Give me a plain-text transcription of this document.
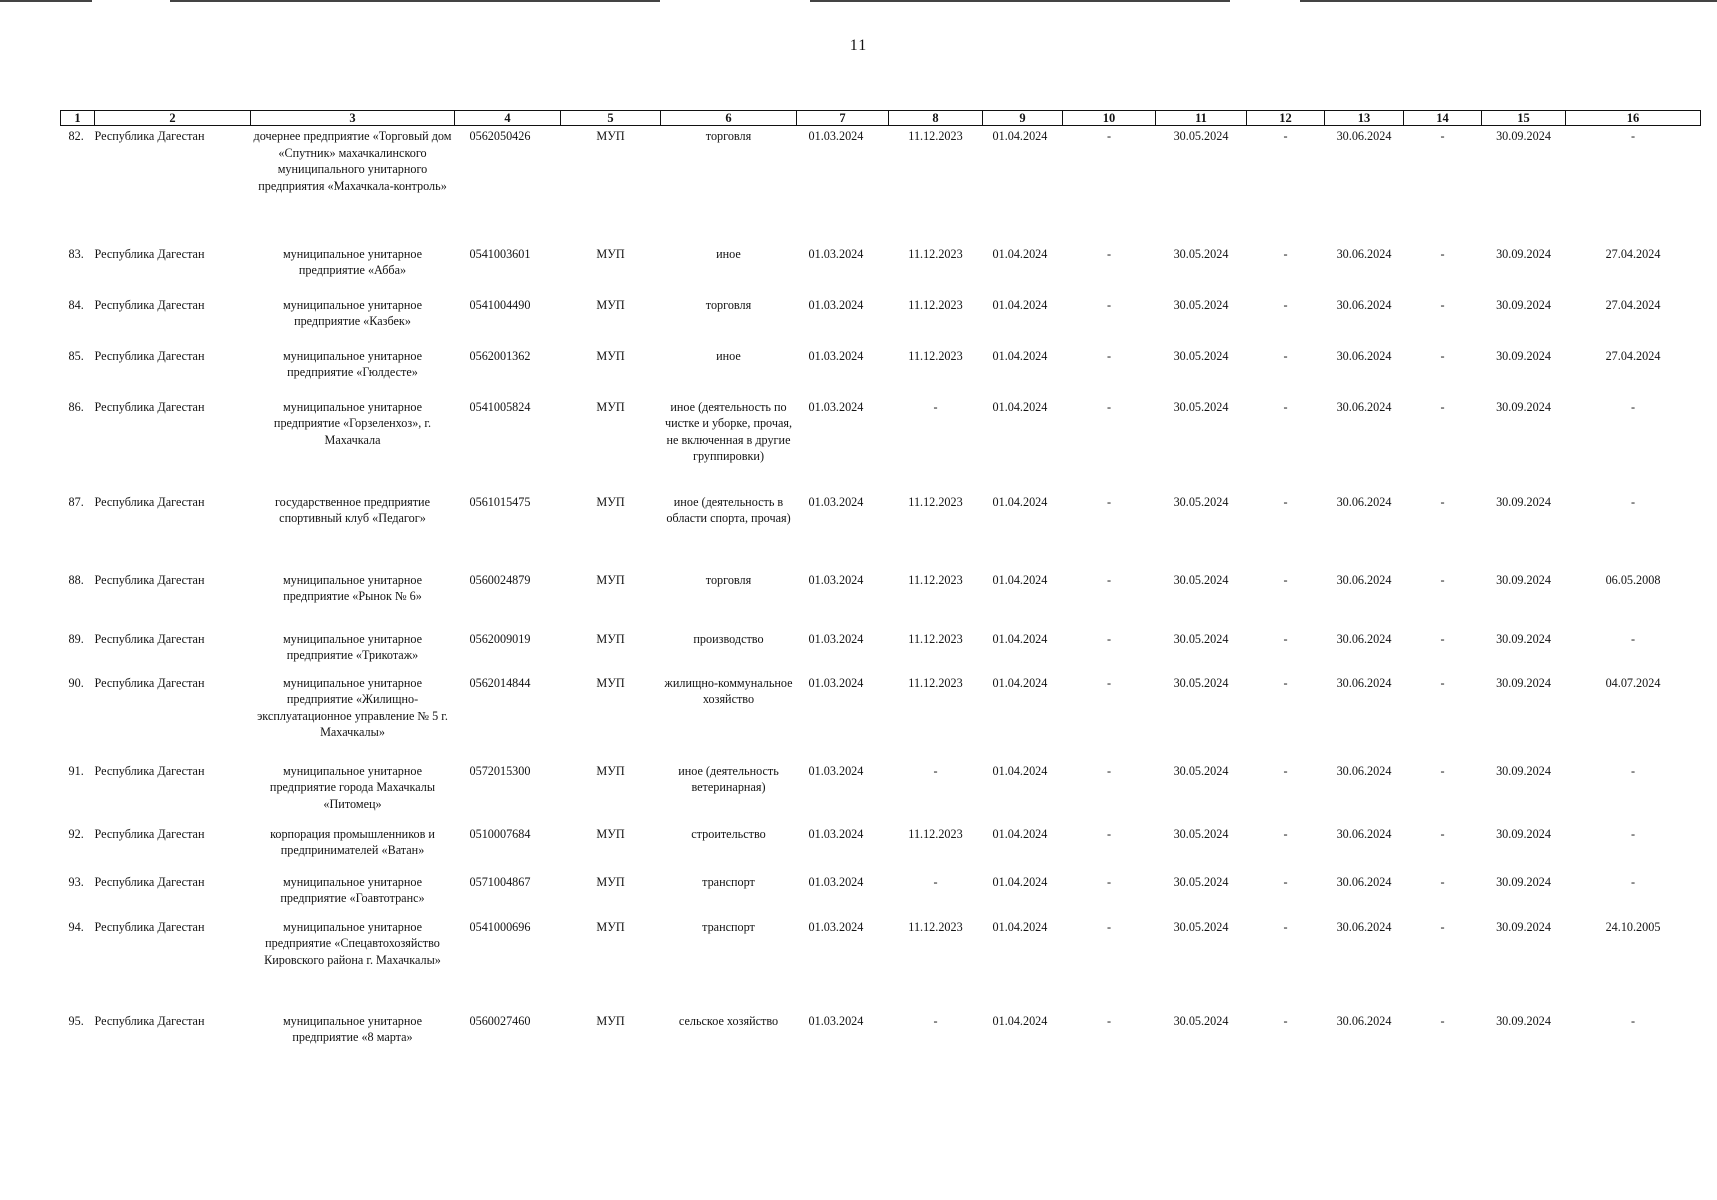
11
1	2	3	4	5	6	7	8	9	10	11	12	13	14	15	16
82.	Республика Дагестан	дочернее предприятие «Торговый дом «Спутник» махачкалинского муниципального унитарного предприятия «Махачкала-контроль»	0562050426	МУП	торговля	01.03.2024	11.12.2023	01.04.2024	-	30.05.2024	-	30.06.2024	-	30.09.2024	-
83.	Республика Дагестан	муниципальное унитарное предприятие «Абба»	0541003601	МУП	иное	01.03.2024	11.12.2023	01.04.2024	-	30.05.2024	-	30.06.2024	-	30.09.2024	27.04.2024
84.	Республика Дагестан	муниципальное унитарное предприятие «Казбек»	0541004490	МУП	торговля	01.03.2024	11.12.2023	01.04.2024	-	30.05.2024	-	30.06.2024	-	30.09.2024	27.04.2024
85.	Республика Дагестан	муниципальное унитарное предприятие «Гюлдесте»	0562001362	МУП	иное	01.03.2024	11.12.2023	01.04.2024	-	30.05.2024	-	30.06.2024	-	30.09.2024	27.04.2024
86.	Республика Дагестан	муниципальное унитарное предприятие «Горзеленхоз», г. Махачкала	0541005824	МУП	иное (деятельность по чистке и уборке, прочая, не включенная в другие группировки)	01.03.2024	-	01.04.2024	-	30.05.2024	-	30.06.2024	-	30.09.2024	-
87.	Республика Дагестан	государственное предприятие спортивный клуб «Педагог»	0561015475	МУП	иное (деятельность в области спорта, прочая)	01.03.2024	11.12.2023	01.04.2024	-	30.05.2024	-	30.06.2024	-	30.09.2024	-
88.	Республика Дагестан	муниципальное унитарное предприятие «Рынок № 6»	0560024879	МУП	торговля	01.03.2024	11.12.2023	01.04.2024	-	30.05.2024	-	30.06.2024	-	30.09.2024	06.05.2008
89.	Республика Дагестан	муниципальное унитарное предприятие «Трикотаж»	0562009019	МУП	производство	01.03.2024	11.12.2023	01.04.2024	-	30.05.2024	-	30.06.2024	-	30.09.2024	-
90.	Республика Дагестан	муниципальное унитарное предприятие «Жилищно-эксплуатационное управление № 5 г. Махачкалы»	0562014844	МУП	жилищно-коммунальное хозяйство	01.03.2024	11.12.2023	01.04.2024	-	30.05.2024	-	30.06.2024	-	30.09.2024	04.07.2024
91.	Республика Дагестан	муниципальное унитарное предприятие города Махачкалы «Питомец»	0572015300	МУП	иное (деятельность ветеринарная)	01.03.2024	-	01.04.2024	-	30.05.2024	-	30.06.2024	-	30.09.2024	-
92.	Республика Дагестан	корпорация промышленников и предпринимателей «Ватан»	0510007684	МУП	строительство	01.03.2024	11.12.2023	01.04.2024	-	30.05.2024	-	30.06.2024	-	30.09.2024	-
93.	Республика Дагестан	муниципальное унитарное предприятие «Гоавтотранс»	0571004867	МУП	транспорт	01.03.2024	-	01.04.2024	-	30.05.2024	-	30.06.2024	-	30.09.2024	-
94.	Республика Дагестан	муниципальное унитарное предприятие «Спецавтохозяйство Кировского района г. Махачкалы»	0541000696	МУП	транспорт	01.03.2024	11.12.2023	01.04.2024	-	30.05.2024	-	30.06.2024	-	30.09.2024	24.10.2005
95.	Республика Дагестан	муниципальное унитарное предприятие «8 марта»	0560027460	МУП	сельское хозяйство	01.03.2024	-	01.04.2024	-	30.05.2024	-	30.06.2024	-	30.09.2024	-
